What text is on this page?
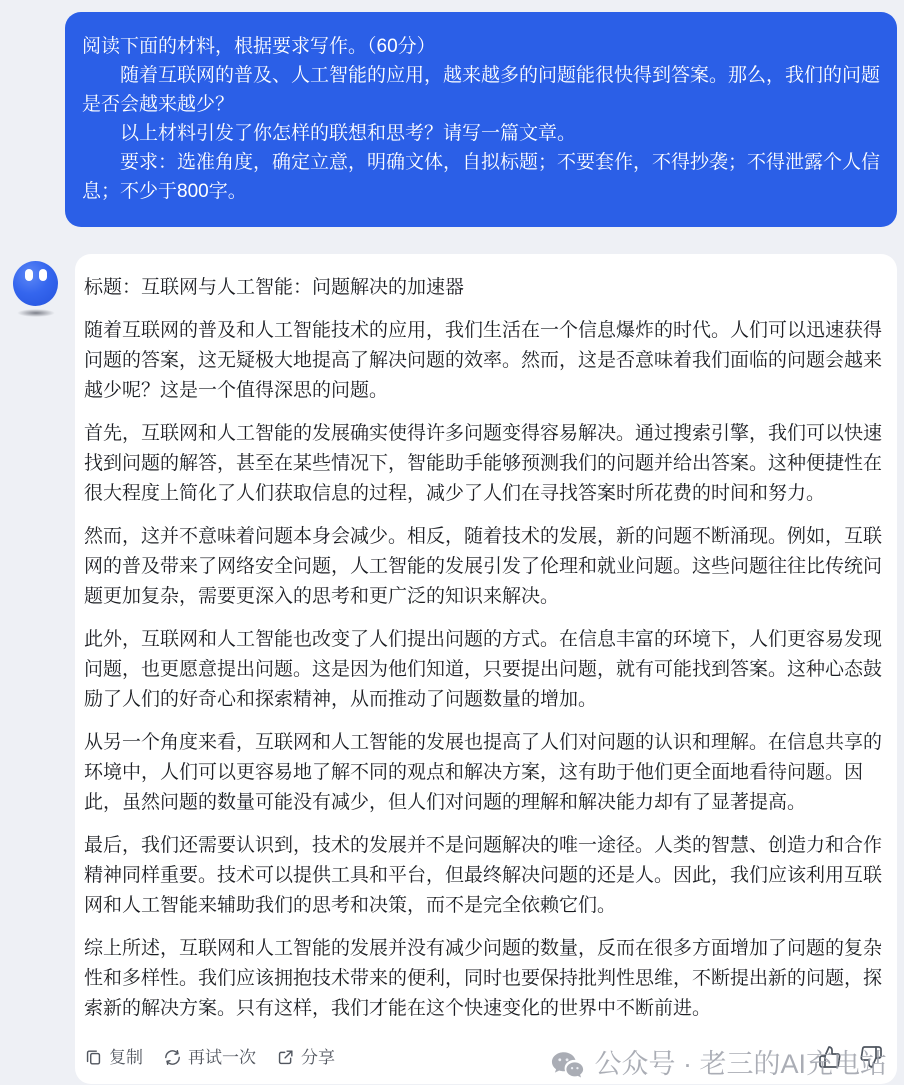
阅读下面的材料，根据要求写作。（60分）

随着互联网的普及、人工智能的应用，越来越多的问题能很快得到答案。那么，我们的问题是否会越来越少？

以上材料引发了你怎样的联想和思考？请写一篇文章。

要求：选准角度，确定立意，明确文体，自拟标题；不要套作，不得抄袭；不得泄露个人信息；不少于800字。

标题：互联网与人工智能：问题解决的加速器

随着互联网的普及和人工智能技术的应用，我们生活在一个信息爆炸的时代。人们可以迅速获得问题的答案，这无疑极大地提高了解决问题的效率。然而，这是否意味着我们面临的问题会越来越少呢？这是一个值得深思的问题。

首先，互联网和人工智能的发展确实使得许多问题变得容易解决。通过搜索引擎，我们可以快速找到问题的解答，甚至在某些情况下，智能助手能够预测我们的问题并给出答案。这种便捷性在很大程度上简化了人们获取信息的过程，减少了人们在寻找答案时所花费的时间和努力。

然而，这并不意味着问题本身会减少。相反，随着技术的发展，新的问题不断涌现。例如，互联网的普及带来了网络安全问题，人工智能的发展引发了伦理和就业问题。这些问题往往比传统问题更加复杂，需要更深入的思考和更广泛的知识来解决。

此外，互联网和人工智能也改变了人们提出问题的方式。在信息丰富的环境下，人们更容易发现问题，也更愿意提出问题。这是因为他们知道，只要提出问题，就有可能找到答案。这种心态鼓励了人们的好奇心和探索精神，从而推动了问题数量的增加。

从另一个角度来看，互联网和人工智能的发展也提高了人们对问题的认识和理解。在信息共享的环境中，人们可以更容易地了解不同的观点和解决方案，这有助于他们更全面地看待问题。因此，虽然问题的数量可能没有减少，但人们对问题的理解和解决能力却有了显著提高。

最后，我们还需要认识到，技术的发展并不是问题解决的唯一途径。人类的智慧、创造力和合作精神同样重要。技术可以提供工具和平台，但最终解决问题的还是人。因此，我们应该利用互联网和人工智能来辅助我们的思考和决策，而不是完全依赖它们。

综上所述，互联网和人工智能的发展并没有减少问题的数量，反而在很多方面增加了问题的复杂性和多样性。我们应该拥抱技术带来的便利，同时也要保持批判性思维，不断提出新的问题，探索新的解决方案。只有这样，我们才能在这个快速变化的世界中不断前进。

复制	再试一次	分享	公众号 · 老三的AI充电站
